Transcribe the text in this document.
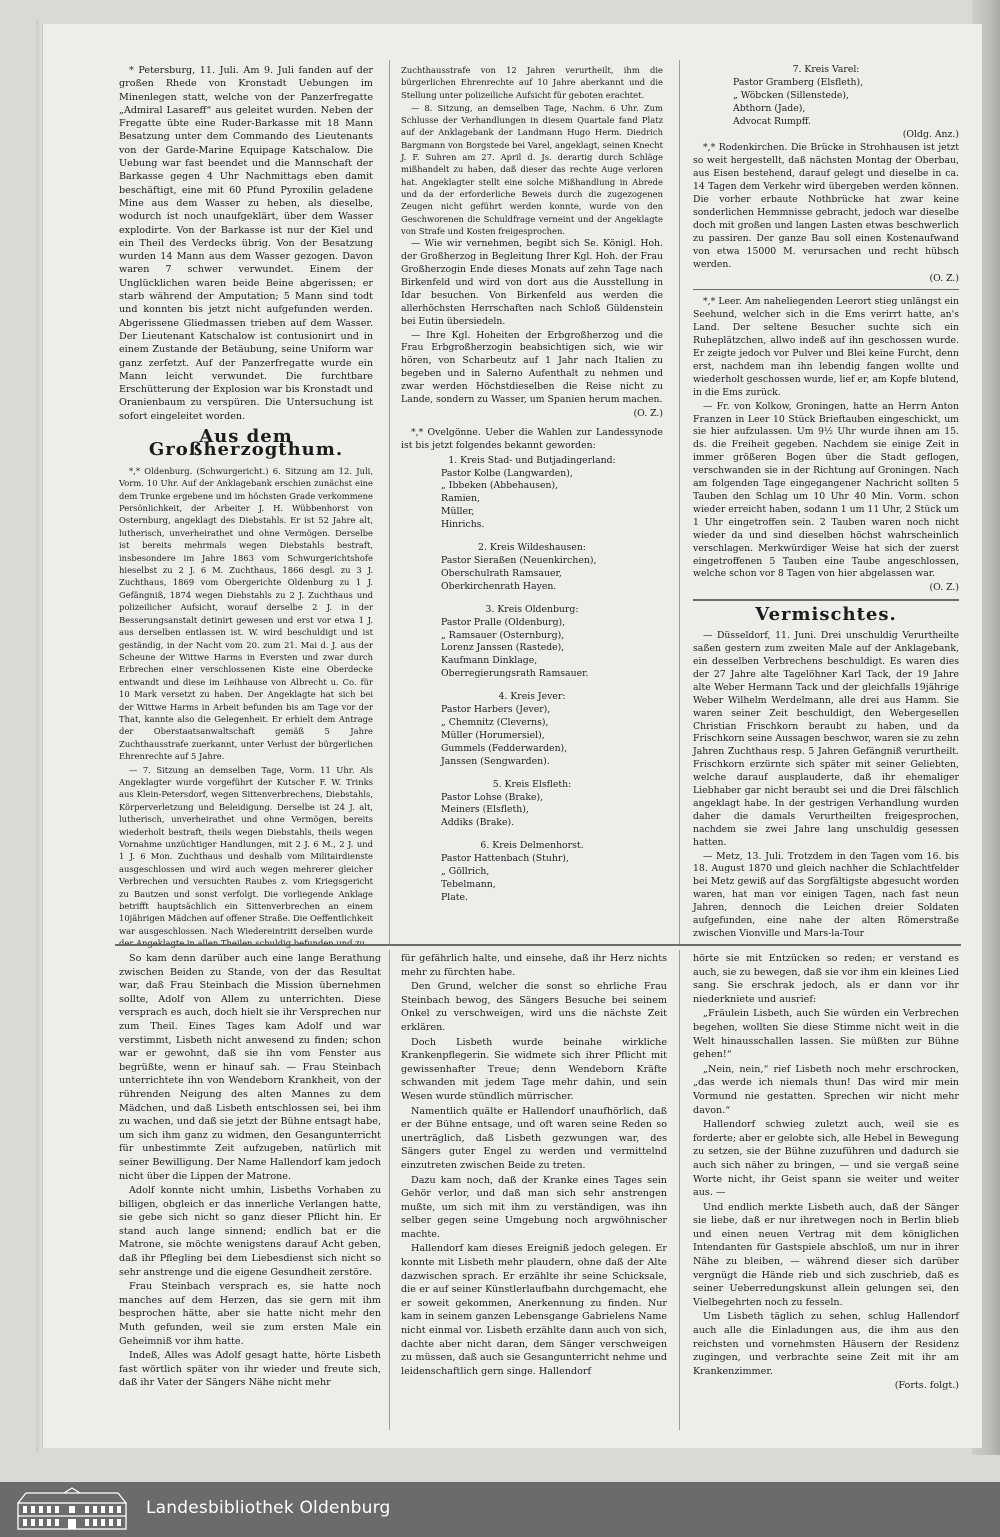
* Petersburg, 11. Juli. Am 9. Juli fanden auf der großen Rhede von Kronstadt Uebungen im Minenlegen statt, welche von der Panzerfregatte „Admiral Lasareff“ aus geleitet wurden. Neben der Fregatte übte eine Ruder-Barkasse mit 18 Mann Besatzung unter dem Commando des Lieutenants von der Garde-Marine Equipage Katschalow. Die Uebung war fast beendet und die Mannschaft der Barkasse gegen 4 Uhr Nachmittags eben damit beschäftigt, eine mit 60 Pfund Pyroxilin geladene Mine aus dem Wasser zu heben, als dieselbe, wodurch ist noch unaufgeklärt, über dem Wasser explodirte. Von der Barkasse ist nur der Kiel und ein Theil des Verdecks übrig. Von der Besatzung wurden 14 Mann aus dem Wasser gezogen. Davon waren 7 schwer verwundet. Einem der Unglücklichen waren beide Beine abgerissen; er starb während der Amputation; 5 Mann sind todt und konnten bis jetzt nicht aufgefunden werden. Abgerissene Gliedmassen trieben auf dem Wasser. Der Lieutenant Katschalow ist contusionirt und in einem Zustande der Betäubung, seine Uniform war ganz zerfetzt. Auf der Panzerfregatte wurde ein Mann leicht verwundet. Die furchtbare Erschütterung der Explosion war bis Kronstadt und Oranienbaum zu verspüren. Die Untersuchung ist sofort eingeleitet worden.

Aus dem Großherzogthum.

*,* Oldenburg. (Schwurgericht.) 6. Sitzung am 12. Juli, Vorm. 10 Uhr. Auf der Anklagebank erschien zunächst eine dem Trunke ergebene und im höchsten Grade verkommene Persönlichkeit, der Arbeiter J. H. Wübbenhorst von Osternburg, angeklagt des Diebstahls. Er ist 52 Jahre alt, lutherisch, unverheirathet und ohne Vermögen. Derselbe ist bereits mehrmals wegen Diebstahls bestraft, insbesondere im Jahre 1863 vom Schwurgerichtshofe hieselbst zu 2 J. 6 M. Zuchthaus, 1866 desgl. zu 3 J. Zuchthaus, 1869 vom Obergerichte Oldenburg zu 1 J. Gefängniß, 1874 wegen Diebstahls zu 2 J. Zuchthaus und polizeilicher Aufsicht, worauf derselbe 2 J. in der Besserungsanstalt detinirt gewesen und erst vor etwa 1 J. aus derselben entlassen ist. W. wird beschuldigt und ist geständig, in der Nacht vom 20. zum 21. Mai d. J. aus der Scheune der Wittwe Harms in Eversten und zwar durch Erbrechen einer verschlossenen Kiste eine Oberdecke entwandt und diese im Leihhause von Albrecht u. Co. für 10 Mark versetzt zu haben. Der Angeklagte hat sich bei der Wittwe Harms in Arbeit befunden bis am Tage vor der That, kannte also die Gelegenheit. Er erhielt dem Antrage der Oberstaatsanwaltschaft gemäß 5 Jahre Zuchthausstrafe zuerkannt, unter Verlust der bürgerlichen Ehrenrechte auf 5 Jahre.

— 7. Sitzung an demselben Tage, Vorm. 11 Uhr. Als Angeklagter wurde vorgeführt der Kutscher F. W. Trinks aus Klein-Petersdorf, wegen Sittenverbrechens, Diebstahls, Körperverletzung und Beleidigung. Derselbe ist 24 J. alt, lutherisch, unverheirathet und ohne Vermögen, bereits wiederholt bestraft, theils wegen Diebstahls, theils wegen Vornahme unzüchtiger Handlungen, mit 2 J. 6 M., 2 J. und 1 J. 6 Mon. Zuchthaus und deshalb vom Militairdienste ausgeschlossen und wird auch wegen mehrerer gleicher Verbrechen und versuchten Raubes z. vom Kriegsgericht zu Bautzen und sonst verfolgt. Die vorliegende Anklage betrifft hauptsächlich ein Sittenverbrechen an einem 10jährigen Mädchen auf offener Straße. Die Oeffentlichkeit war ausgeschlossen. Nach Wiedereintritt derselben wurde

Zuchthausstrafe von 12 Jahren verurtheilt, ihm die bürgerlichen Ehrenrechte auf 10 Jahre aberkannt und die Stellung unter polizeiliche Aufsicht für geboten erachtet.

— 8. Sitzung, an demselben Tage, Nachm. 6 Uhr. Zum Schlusse der Verhandlungen in diesem Quartale fand Platz auf der Anklagebank der Landmann Hugo Herm. Diedrich Bargmann von Borgstede bei Varel, angeklagt, seinen Knecht J. F. Suhren am 27. April d. Js. derartig durch Schläge mißhandelt zu haben, daß dieser das rechte Auge verloren hat. Angeklagter stellt eine solche Mißhandlung in Abrede und da der erforderliche Beweis durch die zugezogenen Zeugen nicht geführt werden konnte, wurde von den Geschworenen die Schuldfrage verneint und der Angeklagte von Strafe und Kosten freigesprochen.

— Wie wir vernehmen, begibt sich Se. Königl. Hoh. der Großherzog in Begleitung Ihrer Kgl. Hoh. der Frau Großherzogin Ende dieses Monats auf zehn Tage nach Birkenfeld und wird von dort aus die Ausstellung in Idar besuchen. Von Birkenfeld aus werden die allerhöchsten Herrschaften nach Schloß Güldenstein bei Eutin übersiedeln.

— Ihre Kgl. Hoheiten der Erbgroßherzog und die Frau Erbgroßherzogin beabsichtigen sich, wie wir hören, von Scharbeutz auf 1 Jahr nach Italien zu begeben und in Salerno Aufenthalt zu nehmen und zwar werden Höchstdieselben die Reise nicht zu Lande, sondern zu Wasser, um Spanien herum machen.

(O. Z.)

*,* Ovelgönne. Ueber die Wahlen zur Landessynode ist bis jetzt folgendes bekannt geworden:

1. Kreis Stad- und Butjadingerland:

Pastor Kolbe (Langwarden),

„ Ibbeken (Abbehausen),

Ramien,

Müller,

Hinrichs.

2. Kreis Wildeshausen:

Pastor Sieraßen (Neuenkirchen),

Oberschulrath Ramsauer,

Oberkirchenrath Hayen.

3. Kreis Oldenburg:

Pastor Pralle (Oldenburg),

„ Ramsauer (Osternburg),

Lorenz Janssen (Rastede),

Kaufmann Dinklage,

Oberregierungsrath Ramsauer.

4. Kreis Jever:

Pastor Harbers (Jever),

„ Chemnitz (Cleverns),

Müller (Horumersiel),

Gummels (Fedderwarden),

Janssen (Sengwarden).

5. Kreis Elsfleth:

Pastor Lohse (Brake),

Meiners (Elsfleth),

Addiks (Brake).

6. Kreis Delmenhorst.

Pastor Hattenbach (Stuhr),

„ Göllrich,

Tebelmann,

Plate.

7. Kreis Varel:

Pastor Gramberg (Elsfleth),

„ Wöbcken (Sillenstede),

Abthorn (Jade),

Advocat Rumpff.

(Oldg. Anz.)

*,* Rodenkirchen. Die Brücke in Strohhausen ist jetzt so weit hergestellt, daß nächsten Montag der Oberbau, aus Eisen bestehend, darauf gelegt und dieselbe in ca. 14 Tagen dem Verkehr wird übergeben werden können. Die vorher erbaute Nothbrücke hat zwar keine sonderlichen Hemmnisse gebracht, jedoch war dieselbe doch mit großen und langen Lasten etwas beschwerlich zu passiren. Der ganze Bau soll einen Kostenaufwand von etwa 15000 M. verursachen und recht hübsch werden.

(O. Z.)

*,* Leer. Am naheliegenden Leerort stieg unlängst ein Seehund, welcher sich in die Ems verirrt hatte, an's Land. Der seltene Besucher suchte sich ein Ruheplätzchen, allwo indeß auf ihn geschossen wurde. Er zeigte jedoch vor Pulver und Blei keine Furcht, denn erst, nachdem man ihn lebendig fangen wollte und wiederholt geschossen wurde, lief er, am Kopfe blutend, in die Ems zurück.

— Fr. von Kolkow, Groningen, hatte an Herrn Anton Franzen in Leer 10 Stück Brieftauben eingeschickt, um sie hier aufzulassen. Um 9½ Uhr wurde ihnen am 15. ds. die Freiheit gegeben. Nachdem sie einige Zeit in immer größeren Bogen über die Stadt geflogen, verschwanden sie in der Richtung auf Groningen. Nach am folgenden Tage eingegangener Nachricht sollten 5 Tauben den Schlag um 10 Uhr 40 Min. Vorm. schon wieder erreicht haben, sodann 1 um 11 Uhr, 2 Stück um 1 Uhr eingetroffen sein. 2 Tauben waren noch nicht wieder da und sind dieselben höchst wahrscheinlich verschlagen. Merkwürdiger Weise hat sich der zuerst eingetroffenen 5 Tauben eine Taube angeschlossen, welche schon vor 8 Tagen von hier abgelassen war.

(O. Z.)

Vermischtes.

— Düsseldorf, 11. Juni. Drei unschuldig Verurtheilte saßen gestern zum zweiten Male auf der Anklagebank, ein desselben Verbrechens beschuldigt. Es waren dies der 27 Jahre alte Tagelöhner Karl Tack, der 19 Jahre alte Weber Hermann Tack und der gleichfalls 19jährige Weber Wilhelm Werdelmann, alle drei aus Hamm. Sie waren seiner Zeit beschuldigt, den Webergesellen Christian Frischkorn beraubt zu haben, und da Frischkorn seine Aussagen beschwor, waren sie zu zehn Jahren Zuchthaus resp. 5 Jahren Gefängniß verurtheilt. Frischkorn erzürnte sich später mit seiner Geliebten, welche darauf ausplauderte, daß ihr ehemaliger Liebhaber gar nicht beraubt sei und die Drei fälschlich angeklagt habe. In der gestrigen Verhandlung wurden daher die damals Verurtheilten freigesprochen, nachdem sie zwei Jahre lang unschuldig gesessen hatten.

— Metz, 13. Juli. Trotzdem in den Tagen vom 16. bis 18. August 1870 und gleich nachher die Schlachtfelder bei Metz gewiß auf das Sorgfältigste abgesucht worden waren, hat man vor einigen Tagen, nach fast neun Jahren, dennoch die Leichen dreier Soldaten aufgefunden, eine nahe der alten Römerstraße zwischen Vionville und Mars-la-Tour

So kam denn darüber auch eine lange Berathung zwischen Beiden zu Stande, von der das Resultat war, daß Frau Steinbach die Mission übernehmen sollte, Adolf von Allem zu unterrichten. Diese versprach es auch, doch hielt sie ihr Versprechen nur zum Theil. Eines Tages kam Adolf und war verstimmt, Lisbeth nicht anwesend zu finden; schon war er gewohnt, daß sie ihn vom Fenster aus begrüßte, wenn er hinauf sah. — Frau Steinbach unterrichtete ihn von Wendeborn Krankheit, von der rührenden Neigung des alten Mannes zu dem Mädchen, und daß Lisbeth entschlossen sei, bei ihm zu wachen, und daß sie jetzt der Bühne entsagt habe, um sich ihm ganz zu widmen, den Gesangunterricht für unbestimmte Zeit aufzugeben, natürlich mit seiner Bewilligung. Der Name Hallendorf kam jedoch nicht über die Lippen der Matrone.

Adolf konnte nicht umhin, Lisbeths Vorhaben zu billigen, obgleich er das innerliche Verlangen hatte, sie gebe sich nicht so ganz dieser Pflicht hin. Er stand auch lange sinnend; endlich bat er die Matrone, sie möchte wenigstens darauf Acht geben, daß ihr Pflegling bei dem Liebesdienst sich nicht so sehr anstrenge und die eigene Gesundheit zerstöre.

Frau Steinbach versprach es, sie hatte noch manches auf dem Herzen, das sie gern mit ihm besprochen hätte, aber sie hatte nicht mehr den Muth gefunden, weil sie zum ersten Male ein Geheimniß vor ihm hatte.

Indeß, Alles was Adolf gesagt hatte, hörte Lisbeth fast wörtlich später von ihr wieder und freute sich, daß ihr Vater der Sängers Nähe nicht mehr

für gefährlich halte, und einsehe, daß ihr Herz nichts mehr zu fürchten habe.

Den Grund, welcher die sonst so ehrliche Frau Steinbach bewog, des Sängers Besuche bei seinem Onkel zu verschweigen, wird uns die nächste Zeit erklären.

Doch Lisbeth wurde beinahe wirkliche Krankenpflegerin. Sie widmete sich ihrer Pflicht mit gewissenhafter Treue; denn Wendeborn Kräfte schwanden mit jedem Tage mehr dahin, und sein Wesen wurde stündlich mürrischer.

Namentlich quälte er Hallendorf unaufhörlich, daß er der Bühne entsage, und oft waren seine Reden so unerträglich, daß Lisbeth gezwungen war, des Sängers guter Engel zu werden und vermittelnd einzutreten zwischen Beide zu treten.

Dazu kam noch, daß der Kranke eines Tages sein Gehör verlor, und daß man sich sehr anstrengen mußte, um sich mit ihm zu verständigen, was ihn selber gegen seine Umgebung noch argwöhnischer machte.

Hallendorf kam dieses Ereigniß jedoch gelegen. Er konnte mit Lisbeth mehr plaudern, ohne daß der Alte dazwischen sprach. Er erzählte ihr seine Schicksale, die er auf seiner Künstlerlaufbahn durchgemacht, ehe er soweit gekommen, Anerkennung zu finden. Nur kam in seinem ganzen Lebensgange Gabrielens Name nicht einmal vor. Lisbeth erzählte dann auch von sich, dachte aber nicht daran, dem Sänger verschweigen zu müssen, daß auch sie Gesangunterricht nehme und leidenschaftlich gern singe. Hallendorf

hörte sie mit Entzücken so reden; er verstand es auch, sie zu bewegen, daß sie vor ihm ein kleines Lied sang. Sie erschrak jedoch, als er dann vor ihr niederkniete und ausrief:

„Fräulein Lisbeth, auch Sie würden ein Verbrechen begehen, wollten Sie diese Stimme nicht weit in die Welt hinausschallen lassen. Sie müßten zur Bühne gehen!“

„Nein, nein,“ rief Lisbeth noch mehr erschrocken, „das werde ich niemals thun! Das wird mir mein Vormund nie gestatten. Sprechen wir nicht mehr davon.“

Hallendorf schwieg zuletzt auch, weil sie es forderte; aber er gelobte sich, alle Hebel in Bewegung zu setzen, sie der Bühne zuzuführen und dadurch sie auch sich näher zu bringen, — und sie vergaß seine Worte nicht, ihr Geist spann sie weiter und weiter aus. —

Und endlich merkte Lisbeth auch, daß der Sänger sie liebe, daß er nur ihretwegen noch in Berlin blieb und einen neuen Vertrag mit dem königlichen Intendanten für Gastspiele abschloß, um nur in ihrer Nähe zu bleiben, — während dieser sich darüber vergnügt die Hände rieb und sich zuschrieb, daß es seiner Ueberredungskunst allein gelungen sei, den Vielbegehrten noch zu fesseln.

Um Lisbeth täglich zu sehen, schlug Hallendorf auch alle die Einladungen aus, die ihm aus den reichsten und vornehmsten Häusern der Residenz zugingen, und verbrachte seine Zeit mit ihr am Krankenzimmer.

(Forts. folgt.)

Landesbibliothek Oldenburg
